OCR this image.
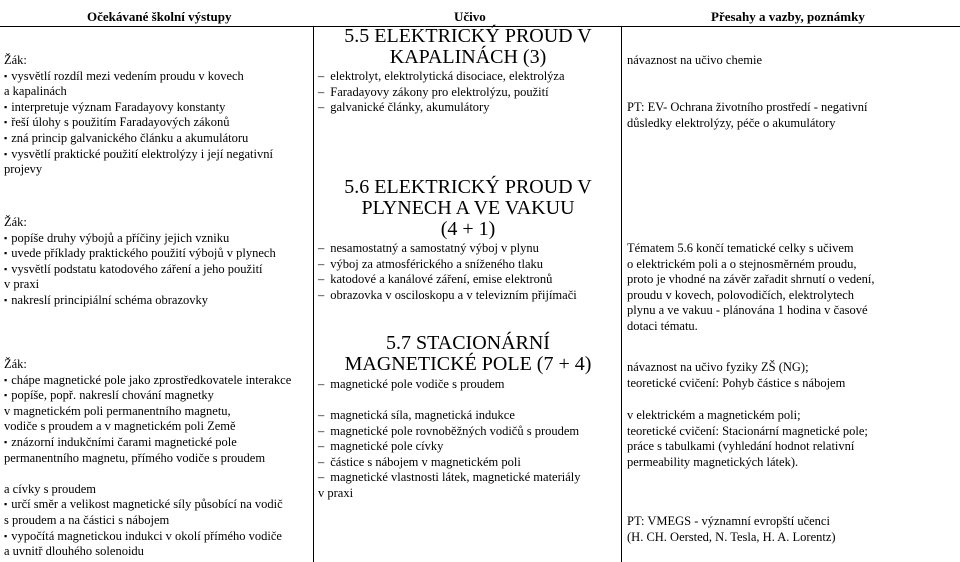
Očekávané školní výstupy	Učivo	Přesahy a vazby, poznámky
Žák:
▪ vysvětlí rozdíl mezi vedením proudu v kovech
a kapalinách
▪ interpretuje význam Faradayovy konstanty
▪ řeší úlohy s použitím Faradayových zákonů
▪ zná princip galvanického článku a akumulátoru
▪ vysvětlí praktické použití elektrolýzy i její negativní
projevy
Žák:
▪ popíše druhy výbojů a příčiny jejich vzniku
▪ uvede příklady praktického použití výbojů v plynech
▪ vysvětlí podstatu katodového záření a jeho použití
v praxi
▪ nakreslí principiální schéma obrazovky
Žák:
▪ chápe magnetické pole jako zprostředkovatele interakce
▪ popíše, popř. nakreslí chování magnetky
v magnetickém poli permanentního magnetu,
vodiče s proudem a v magnetickém poli Země
▪ znázorní indukčními čarami magnetické pole
permanentního magnetu, přímého vodiče s proudem
a cívky s proudem
▪ určí směr a velikost magnetické síly působící na vodič
s proudem a na částici s nábojem
▪ vypočítá magnetickou indukci v okolí přímého vodiče
a uvnitř dlouhého solenoidu
5.5 ELEKTRICKÝ PROUD V
KAPALINÁCH (3)
– elektrolyt, elektrolytická disociace, elektrolýza
– Faradayovy zákony pro elektrolýzu, použití
– galvanické články, akumulátory
5.6 ELEKTRICKÝ PROUD V
PLYNECH A VE VAKUU
(4 + 1)
– nesamostatný a samostatný výboj v plynu
– výboj za atmosférického a sníženého tlaku
– katodové a kanálové záření, emise elektronů
– obrazovka v osciloskopu a v televizním přijímači
5.7 STACIONÁRNÍ
MAGNETICKÉ POLE (7 + 4)
– magnetické pole vodiče s proudem
– magnetická síla, magnetická indukce
– magnetické pole rovnoběžných vodičů s proudem
– magnetické pole cívky
– částice s nábojem v magnetickém poli
– magnetické vlastnosti látek, magnetické materiály
v praxi
návaznost na učivo chemie
PT: EV- Ochrana životního prostředí - negativní
důsledky elektrolýzy, péče o akumulátory
Tématem 5.6 končí tematické celky s učivem
o elektrickém poli a o stejnosměrném proudu,
proto je vhodné na závěr zařadit shrnutí o vedení,
proudu v kovech, polovodičích, elektrolytech
plynu a ve vakuu - plánována 1 hodina v časové
dotaci tématu.
návaznost na učivo fyziky ZŠ (NG);
teoretické cvičení: Pohyb částice s nábojem
v elektrickém a magnetickém poli;
teoretické cvičení: Stacionární magnetické pole;
práce s tabulkami (vyhledání hodnot relativní
permeability magnetických látek).
PT: VMEGS - významní evropští učenci
(H. CH. Oersted, N. Tesla, H. A. Lorentz)
